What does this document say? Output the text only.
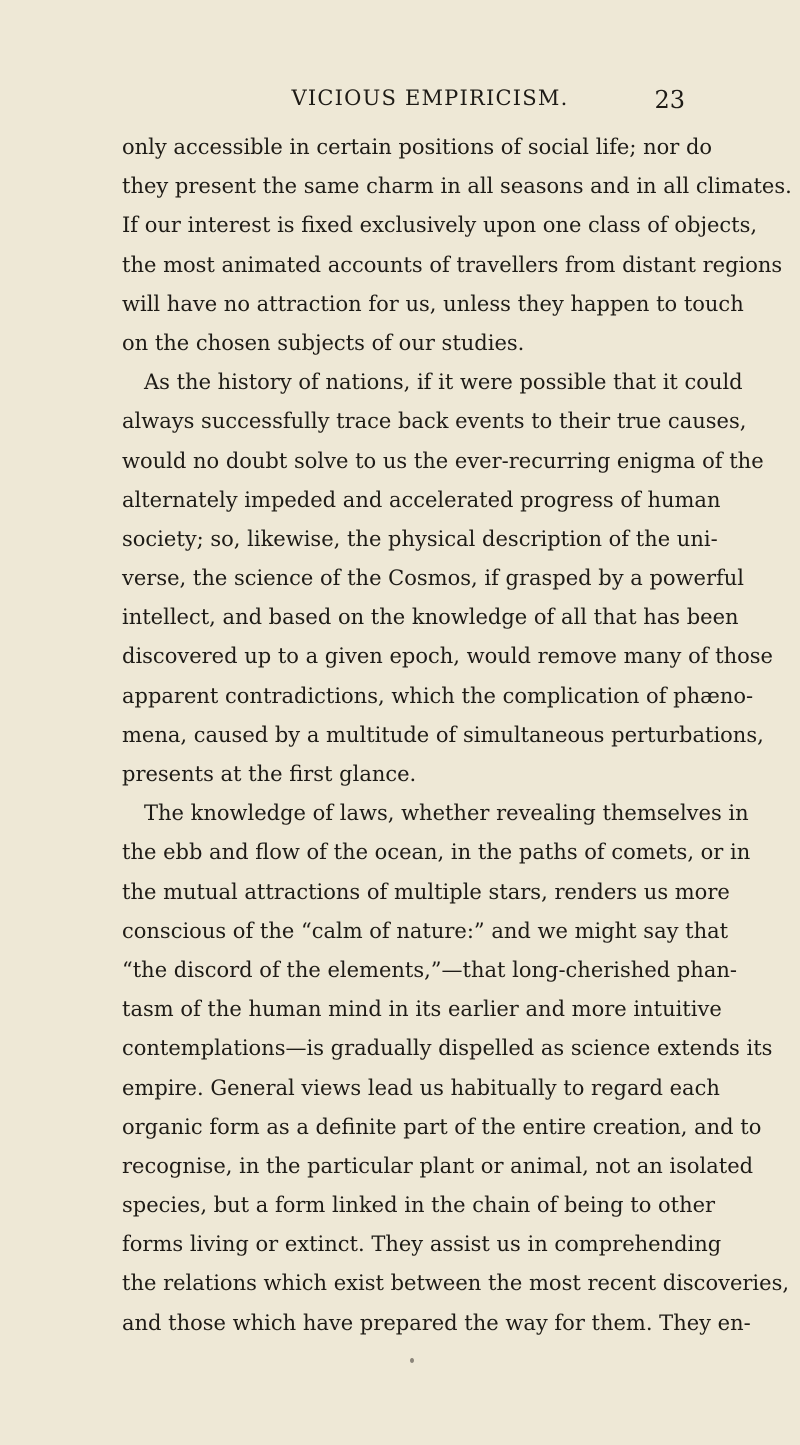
VICIOUS EMPIRICISM.	23
only accessible in certain positions of social life; nor do
they present the same charm in all seasons and in all climates.
If our interest is fixed exclusively upon one class of objects,
the most animated accounts of travellers from distant regions
will have no attraction for us, unless they happen to touch
on the chosen subjects of our studies.
As the history of nations, if it were possible that it could
always successfully trace back events to their true causes,
would no doubt solve to us the ever-recurring enigma of the
alternately impeded and accelerated progress of human
society; so, likewise, the physical description of the uni-
verse, the science of the Cosmos, if grasped by a powerful
intellect, and based on the knowledge of all that has been
discovered up to a given epoch, would remove many of those
apparent contradictions, which the complication of phæno-
mena, caused by a multitude of simultaneous perturbations,
presents at the first glance.
The knowledge of laws, whether revealing themselves in
the ebb and flow of the ocean, in the paths of comets, or in
the mutual attractions of multiple stars, renders us more
conscious of the “calm of nature:” and we might say that
“the discord of the elements,”—that long-cherished phan-
tasm of the human mind in its earlier and more intuitive
contemplations—is gradually dispelled as science extends its
empire. General views lead us habitually to regard each
organic form as a definite part of the entire creation, and to
recognise, in the particular plant or animal, not an isolated
species, but a form linked in the chain of being to other
forms living or extinct. They assist us in comprehending
the relations which exist between the most recent discoveries,
and those which have prepared the way for them. They en-
